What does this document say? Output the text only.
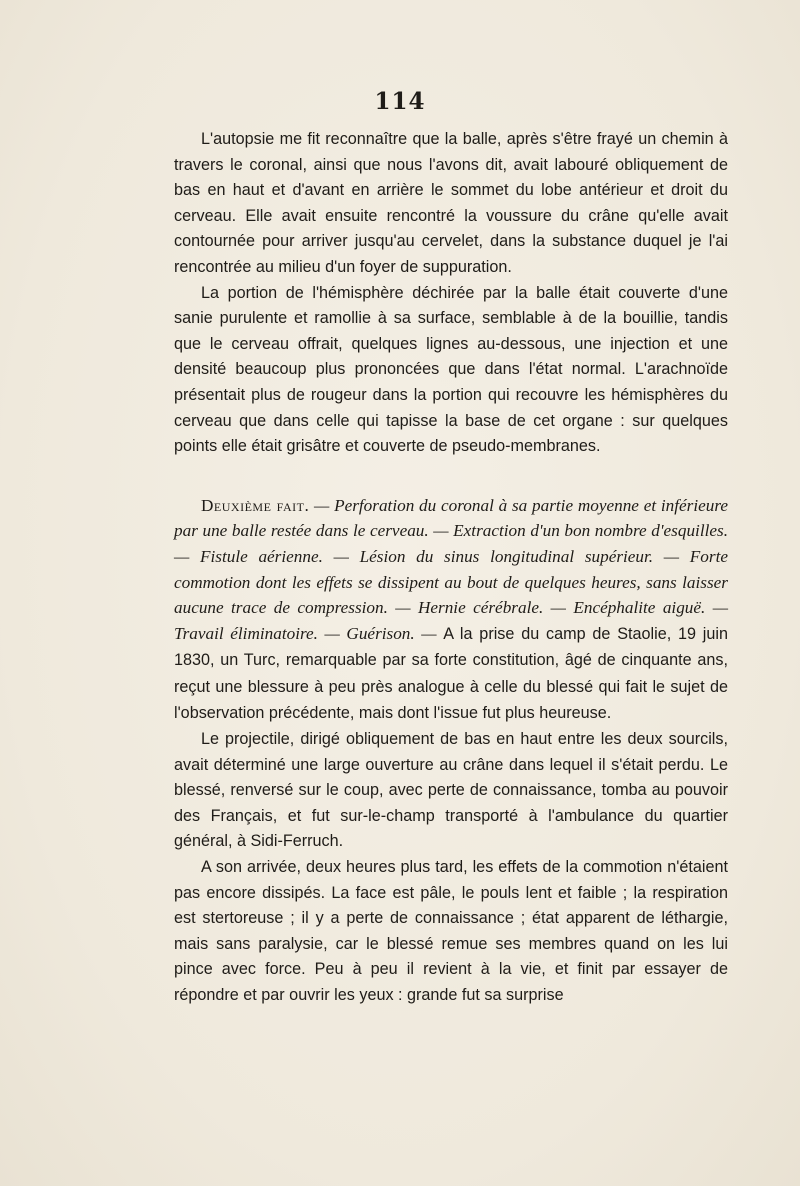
114

L'autopsie me fit reconnaître que la balle, après s'être frayé un chemin à travers le coronal, ainsi que nous l'avons dit, avait labouré obliquement de bas en haut et d'avant en arrière le sommet du lobe antérieur et droit du cerveau. Elle avait ensuite rencontré la voussure du crâne qu'elle avait contournée pour arriver jusqu'au cervelet, dans la substance duquel je l'ai rencontrée au milieu d'un foyer de suppuration.

La portion de l'hémisphère déchirée par la balle était couverte d'une sanie purulente et ramollie à sa surface, semblable à de la bouillie, tandis que le cerveau offrait, quelques lignes au-dessous, une injection et une densité beaucoup plus prononcées que dans l'état normal. L'arachnoïde présentait plus de rougeur dans la portion qui recouvre les hémisphères du cerveau que dans celle qui tapisse la base de cet organe : sur quelques points elle était grisâtre et couverte de pseudo-membranes.

Deuxième fait. — Perforation du coronal à sa partie moyenne et inférieure par une balle restée dans le cerveau. — Extraction d'un bon nombre d'esquilles. — Fistule aérienne. — Lésion du sinus longitudinal supérieur. — Forte commotion dont les effets se dissipent au bout de quelques heures, sans laisser aucune trace de compression. — Hernie cérébrale. — Encéphalite aiguë. — Travail éliminatoire. — Guérison. — A la prise du camp de Staolie, 19 juin 1830, un Turc, remarquable par sa forte constitution, âgé de cinquante ans, reçut une blessure à peu près analogue à celle du blessé qui fait le sujet de l'observation précédente, mais dont l'issue fut plus heureuse.

Le projectile, dirigé obliquement de bas en haut entre les deux sourcils, avait déterminé une large ouverture au crâne dans lequel il s'était perdu. Le blessé, renversé sur le coup, avec perte de connaissance, tomba au pouvoir des Français, et fut sur-le-champ transporté à l'ambulance du quartier général, à Sidi-Ferruch.

A son arrivée, deux heures plus tard, les effets de la commotion n'étaient pas encore dissipés. La face est pâle, le pouls lent et faible ; la respiration est stertoreuse ; il y a perte de connaissance ; état apparent de léthargie, mais sans paralysie, car le blessé remue ses membres quand on les lui pince avec force. Peu à peu il revient à la vie, et finit par essayer de répondre et par ouvrir les yeux : grande fut sa surprise
